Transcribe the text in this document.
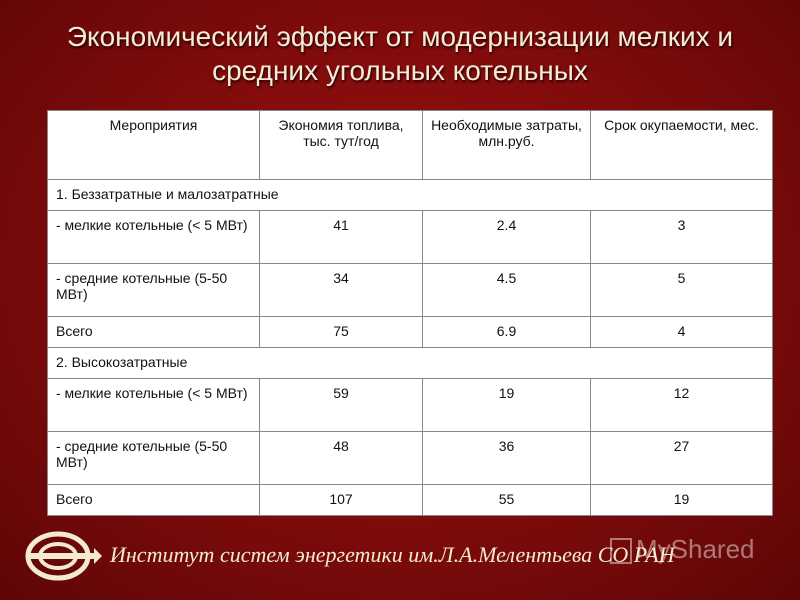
Экономический эффект от модернизации мелких и
средних угольных котельных
Мероприятия	Экономия топлива, тыс. тут/год	Необходимые затраты, млн.руб.	Срок окупаемости, мес.
1. Беззатратные и малозатратные			
- мелкие котельные (< 5 МВт)	41	2.4	3
- средние котельные (5-50 МВт)	34	4.5	5
Всего	75	6.9	4
2. Высокозатратные			
- мелкие котельные (< 5 МВт)	59	19	12
- средние котельные (5-50 МВт)	48	36	27
Всего	107	55	19
Институт систем энергетики им.Л.А.Мелентьева СО РАН
MyShared
